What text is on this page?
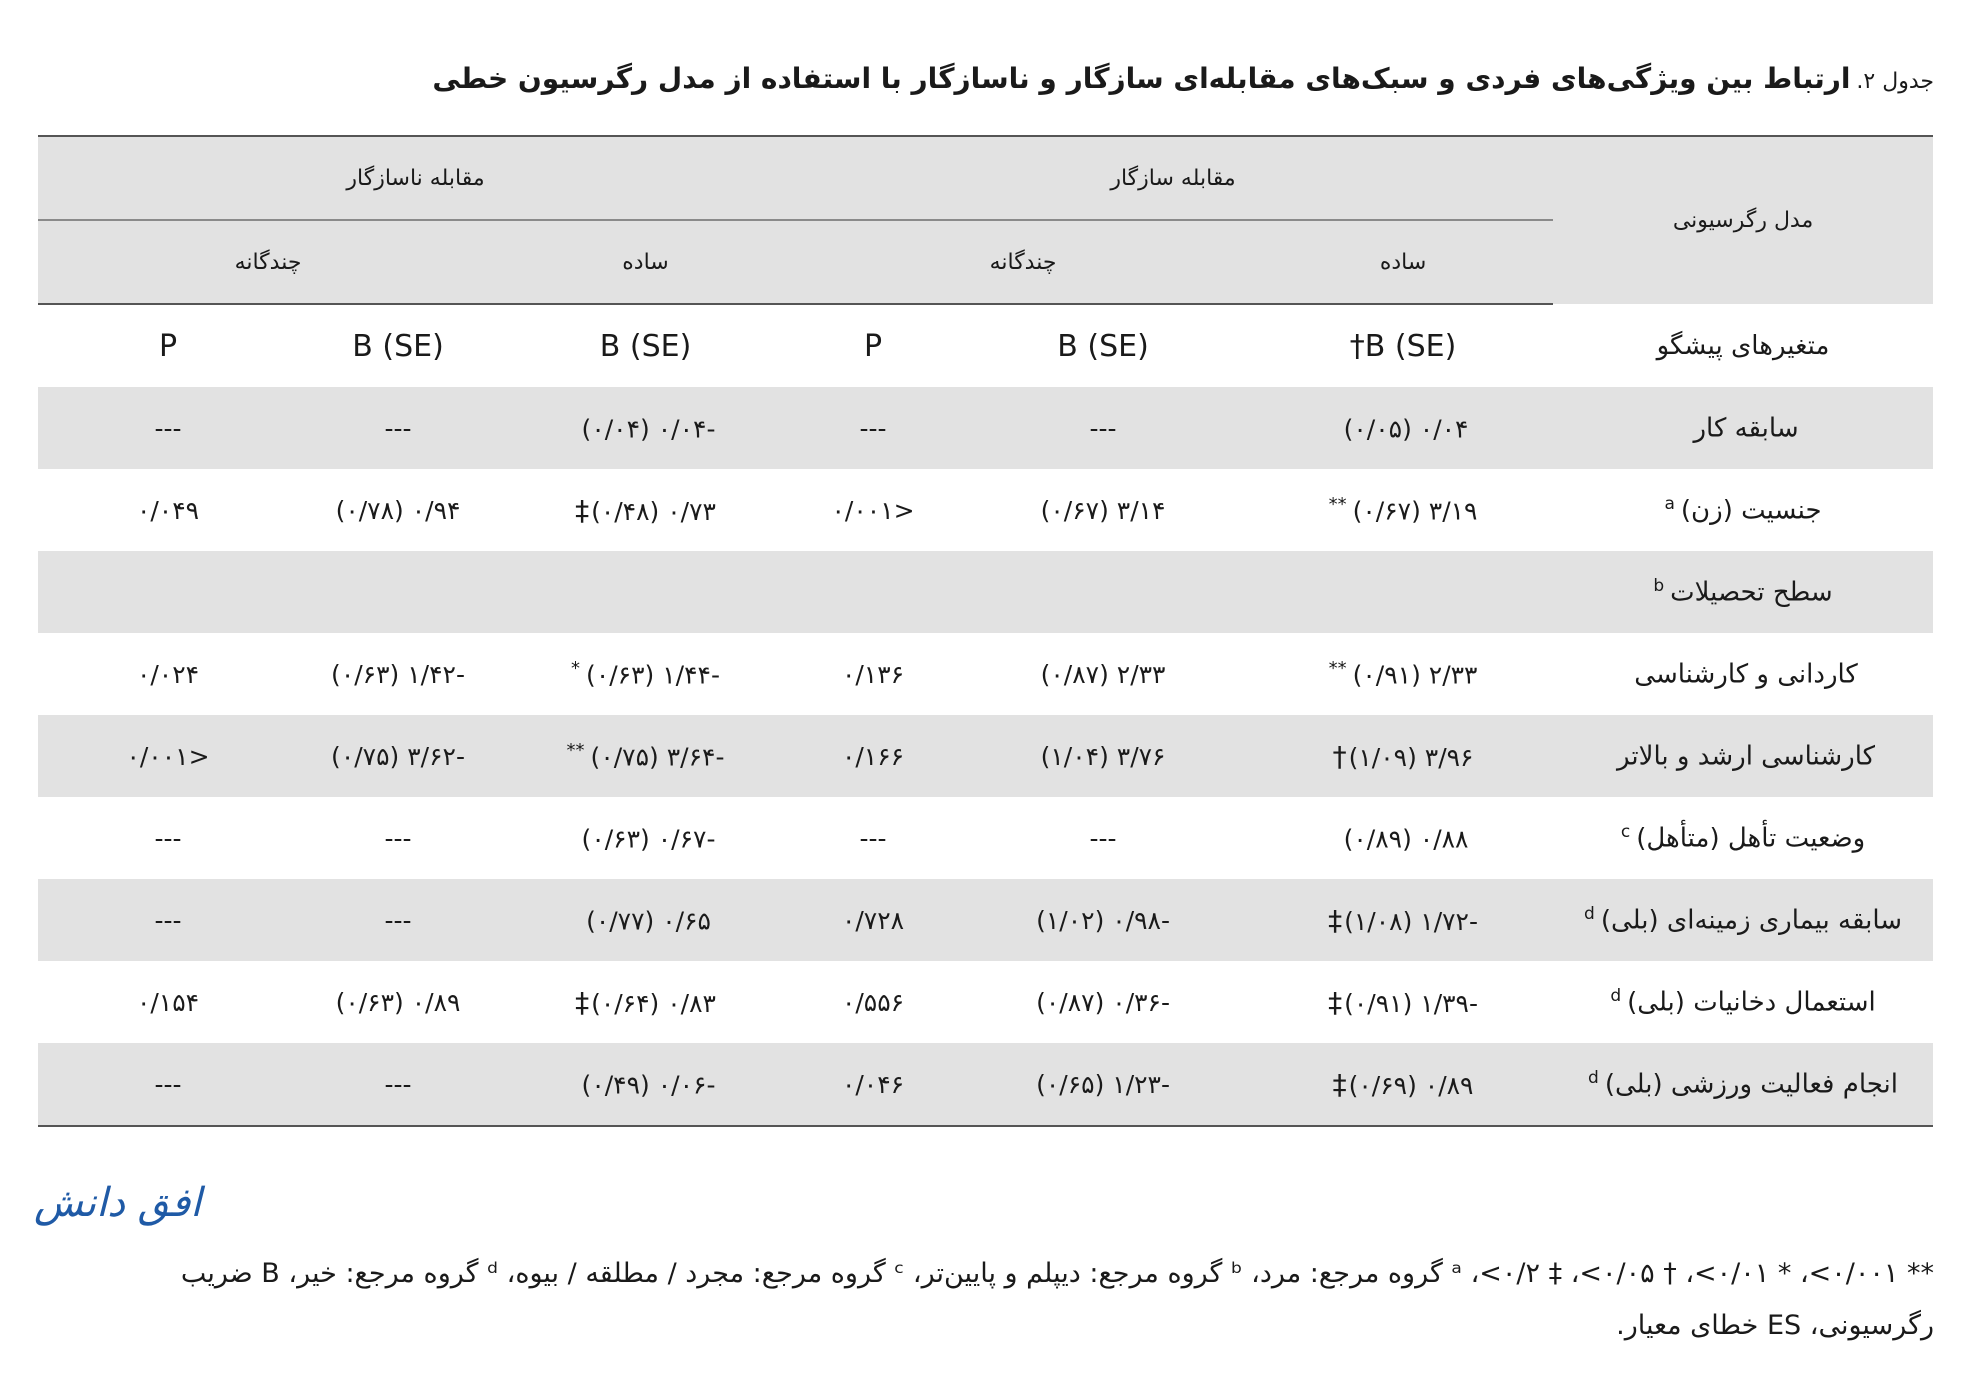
جدول ۲.ارتباط بین ویژگی‌های فردی و سبک‌های مقابله‌ای سازگار و ناسازگار با استفاده از مدل رگرسیون خطی
مدل رگرسیونی	مقابله سازگار			مقابله ناسازگار		
	ساده	چندگانه		ساده	چندگانه	
متغیرهای پیشگو	B (SE)†	B (SE)	P	B (SE)	B (SE)	P
سابقه کار	۰/۰۴ (۰/۰۵)	---	---	-۰/۰۴ (۰/۰۴)	---	---
جنسیت (زن)$^a$	۳/۱۹ (۰/۶۷)**	۳/۱۴ (۰/۶۷)	<۰/۰۰۱	۰/۷۳ (۰/۴۸)‡	۰/۹۴ (۰/۷۸)	۰/۰۴۹
سطح تحصیلات$^b$						
کاردانی و کارشناسی	۲/۳۳ (۰/۹۱)**	۲/۳۳ (۰/۸۷)	۰/۱۳۶	-۱/۴۴ (۰/۶۳)*	-۱/۴۲ (۰/۶۳)	۰/۰۲۴
کارشناسی ارشد و بالاتر	۳/۹۶ (۱/۰۹)†	۳/۷۶ (۱/۰۴)	۰/۱۶۶	-۳/۶۴ (۰/۷۵)**	-۳/۶۲ (۰/۷۵)	<۰/۰۰۱
وضعیت تأهل (متأهل)$^c$	۰/۸۸ (۰/۸۹)	---	---	-۰/۶۷ (۰/۶۳)	---	---
سابقه بیماری زمینه‌ای (بلی)$^d$	-۱/۷۲ (۱/۰۸)‡	-۰/۹۸ (۱/۰۲)	۰/۷۲۸	۰/۶۵ (۰/۷۷)	---	---
استعمال دخانیات (بلی)$^d$	-۱/۳۹ (۰/۹۱)‡	-۰/۳۶ (۰/۸۷)	۰/۵۵۶	۰/۸۳ (۰/۶۴)‡	۰/۸۹ (۰/۶۳)	۰/۱۵۴
انجام فعالیت ورزشی (بلی)$^d$	۰/۸۹ (۰/۶۹)‡	-۱/۲۳ (۰/۶۵)	۰/۰۴۶	-۰/۰۶ (۰/۴۹)	---	---
افق دانش
** ۰/۰۰۱>، * ۰/۰۱>، † ۰/۰۵>، ‡ ۰/۲>، ᵃ گروه مرجع: مرد، ᵇ گروه مرجع: دیپلم و پایین‌تر، ᶜ گروه مرجع: مجرد / مطلقه / بیوه، ᵈ گروه مرجع: خیر، B ضریب
رگرسیونی، ES خطای معیار.
